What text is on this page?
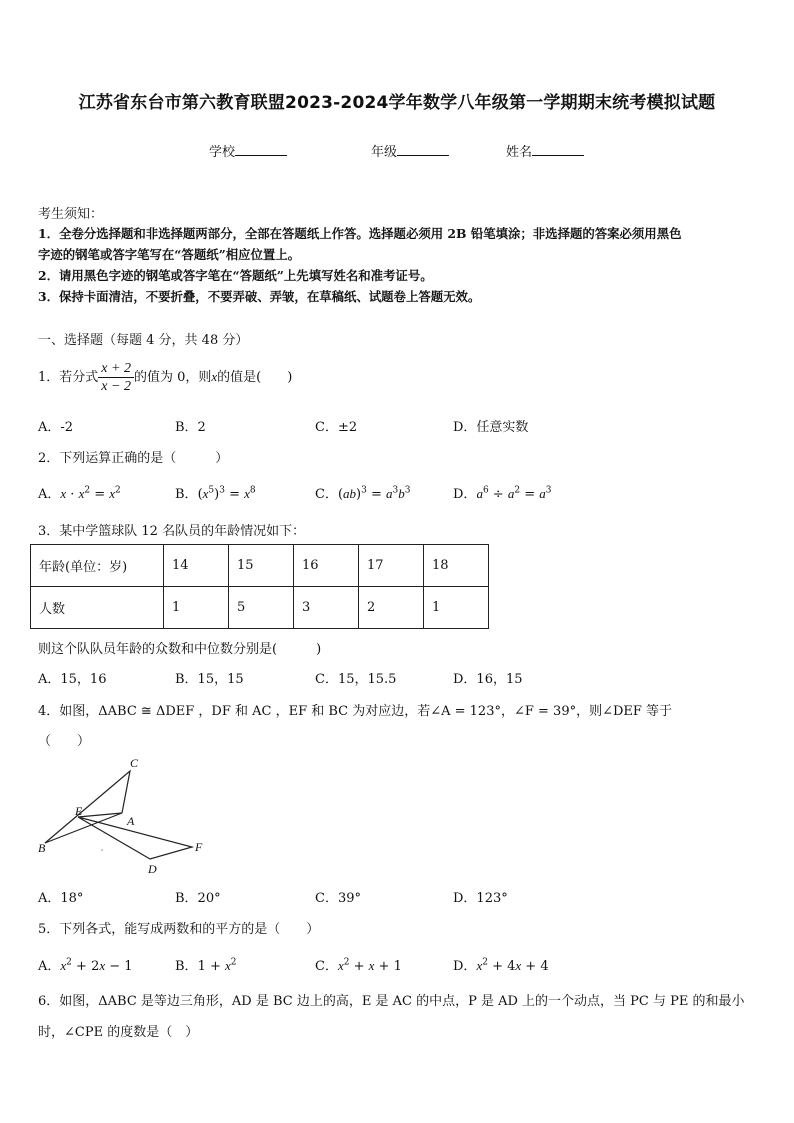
江苏省东台市第六教育联盟2023-2024学年数学八年级第一学期期末统考模拟试题
学校	年级	姓名
考生须知：
1．全卷分选择题和非选择题两部分，全部在答题纸上作答。选择题必须用 2B 铅笔填涂；非选择题的答案必须用黑色
字迹的钢笔或答字笔写在“答题纸”相应位置上。
2．请用黑色字迹的钢笔或答字笔在“答题纸”上先填写姓名和准考证号。
3．保持卡面清洁，不要折叠，不要弄破、弄皱，在草稿纸、试题卷上答题无效。
一、选择题（每题 4 分，共 48 分）
1．若分式 $\frac{x + 2}{x - 2}$ 的值为 0，则x的值是(　　)
A．-2	B．2	C．±2	D．任意实数
2．下列运算正确的是（　　　）
A．$x \cdot x^2 = x^2$	B．$(x^5)^3 = x^8$	C．$(ab)^3 = a^3b^3$	D．$a^6 \div a^2 = a^3$
3．某中学篮球队 12 名队员的年龄情况如下：
年龄(单位：岁)	14	15	16	17	18
人数	1	5	3	2	1
则这个队队员年龄的众数和中位数分别是(　　　)
A．15，16	B．15，15	C．15，15.5	D．16，15
4．如图，ΔABC ≅ ΔDEF ，DF 和 AC ，EF 和 BC 为对应边，若∠A = 123°，∠F = 39°，则∠DEF 等于
（　　）
C
E
A
B	F
D
A．18°	B．20°	C．39°	D．123°
5．下列各式，能写成两数和的平方的是（　　）
A．$x^2 + 2x - 1$	B．$1 + x^2$	C．$x^2 + x + 1$	D．$x^2 + 4x + 4$
6．如图，ΔABC 是等边三角形，AD 是 BC 边上的高，E 是 AC 的中点，P 是 AD 上的一个动点，当 PC 与 PE 的和最小
时，∠CPE 的度数是（　）
